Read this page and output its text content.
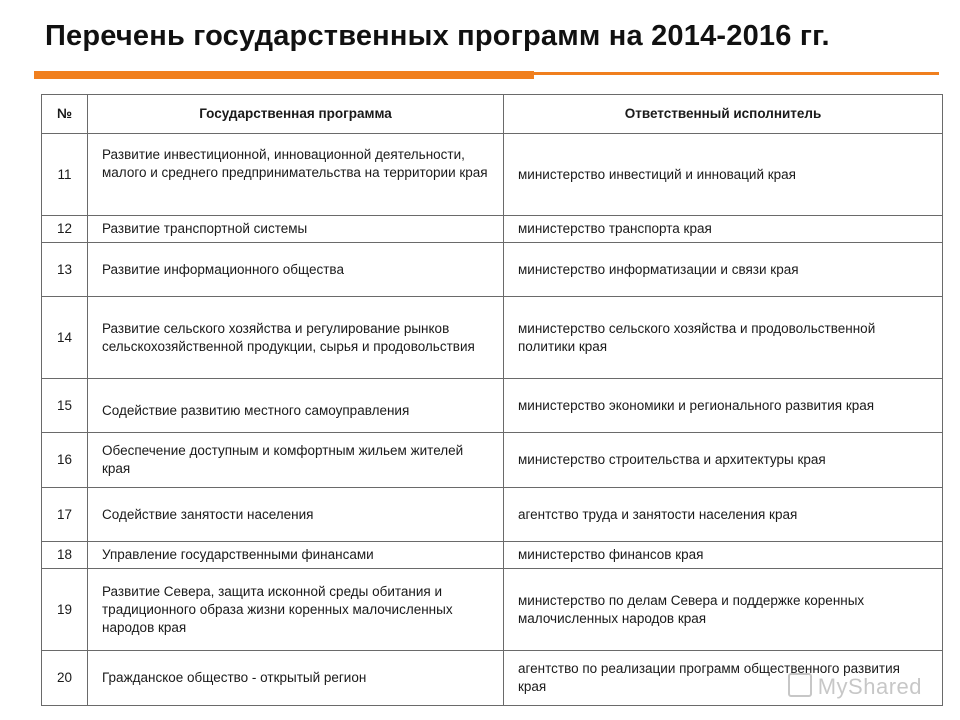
Перечень государственных программ на 2014-2016 гг.
№	Государственная программа	Ответственный исполнитель
11	Развитие инвестиционной, инновационной деятельности, малого и среднего предпринимательства на территории края	министерство инвестиций и инноваций края
12	Развитие транспортной системы	министерство транспорта края
13	Развитие информационного общества	министерство информатизации и связи края
14	Развитие сельского хозяйства и регулирование рынков сельскохозяйственной продукции, сырья и продовольствия	министерство сельского хозяйства и продовольственной политики края
15	Содействие развитию местного самоуправления	министерство экономики и регионального развития края
16	Обеспечение доступным и комфортным жильем жителей края	министерство строительства и архитектуры края
17	Содействие занятости населения	агентство труда и занятости населения края
18	Управление государственными финансами	министерство финансов края
19	Развитие Севера, защита исконной среды обитания и традиционного образа жизни коренных малочисленных народов края	министерство по делам Севера и поддержке коренных малочисленных народов края
20	Гражданское общество - открытый регион	агентство по реализации программ общественного развития края	MyShared
